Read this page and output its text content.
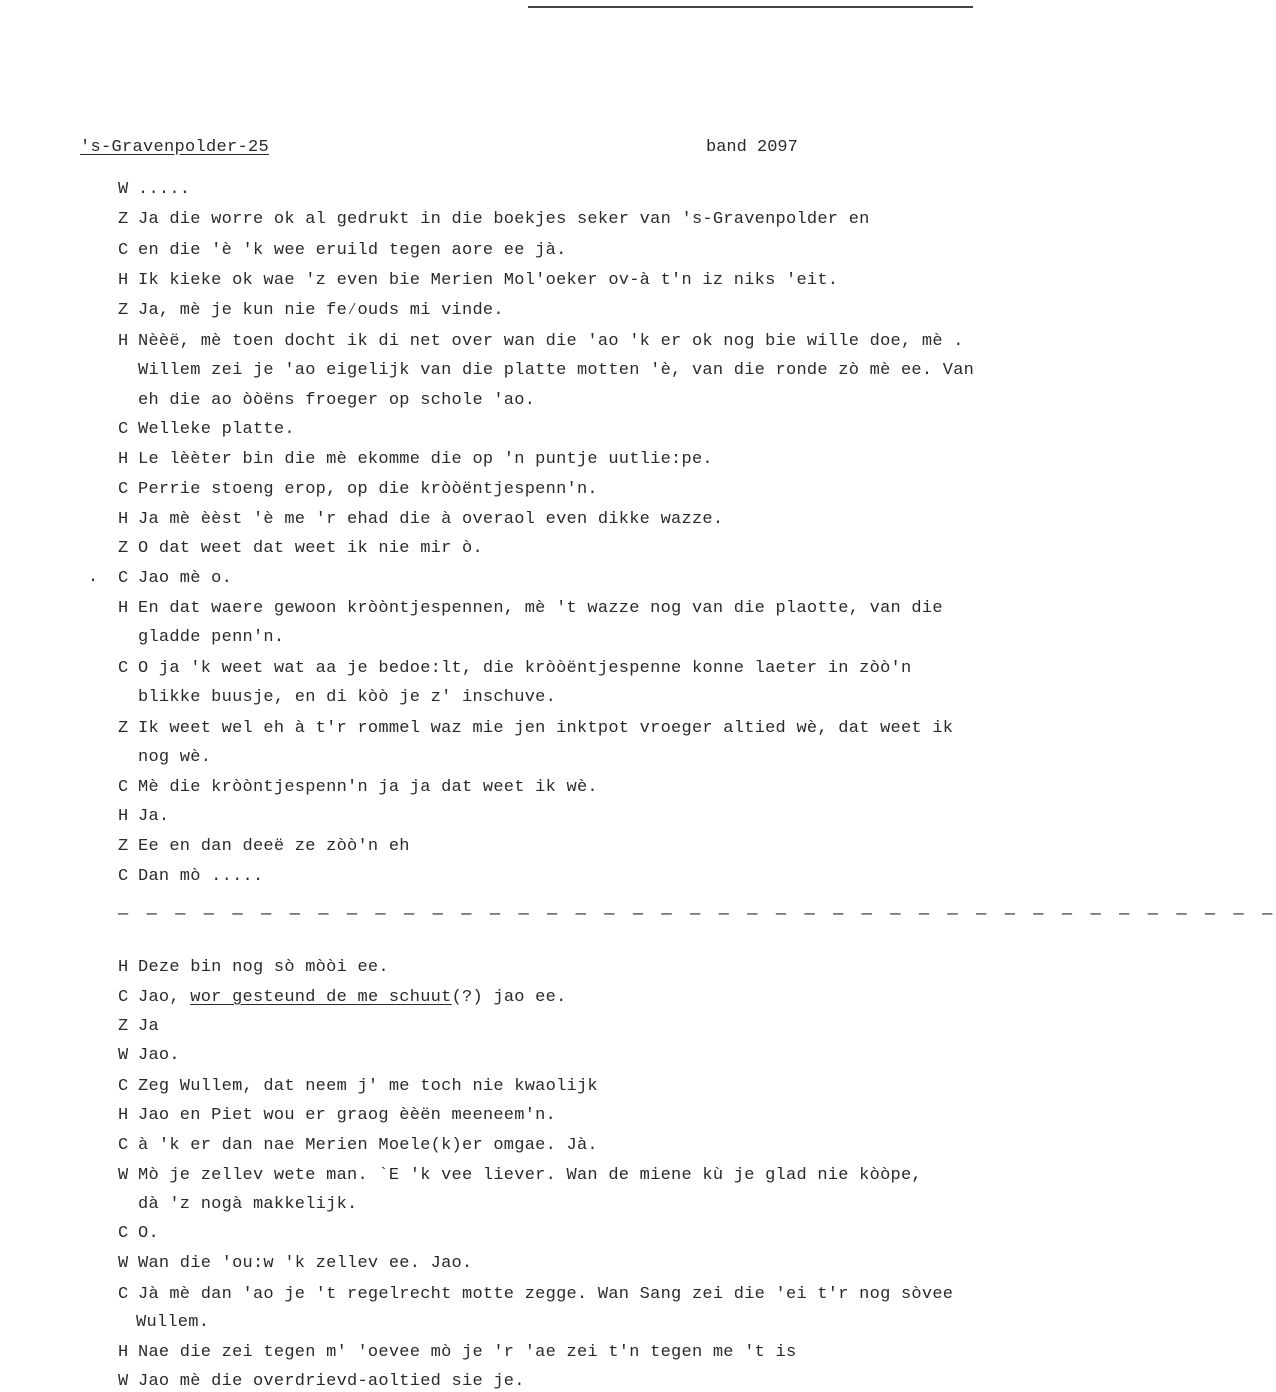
's-Gravenpolder-25	band 2097
W .....
Z Ja die worre ok al gedrukt in die boekjes seker van 's-Gravenpolder en
C en die 'è 'k wee eruild tegen aore ee jà.
H Ik kieke ok wae 'z even bie Merien Mol'oeker ov-à t'n iz niks 'eit.
Z Ja, mè je kun nie fe⁄ouds mi vinde.
H Nèèë, mè toen docht ik di net over wan die 'ao 'k er ok nog bie wille doe, mè .
Willem zei je 'ao eigelijk van die platte motten 'è, van die ronde zò mè ee. Van
eh die ao òòëns froeger op schole 'ao.
C Welleke platte.
H Le lèèter bin die mè ekomme die op 'n puntje uutlie:pe.
C Perrie stoeng erop, op die kròòëntjespenn'n.
H Ja mè èèst 'è me 'r ehad die à overaol even dikke wazze.
Z O dat weet dat weet ik nie mir ò.
. C Jao mè o.
H En dat waere gewoon kròòntjespennen, mè 't wazze nog van die plaotte, van die
gladde penn'n.
C O ja 'k weet wat aa je bedoe:lt, die kròòëntjespenne konne laeter in zòò'n
blikke buusje, en di kòò je z' inschuve.
Z Ik weet wel eh à t'r rommel waz mie jen inktpot vroeger altied wè, dat weet ik
nog wè.
C Mè die kròòntjespenn'n ja ja dat weet ik wè.
H Ja.
Z Ee en dan deeë ze zòò'n eh
C Dan mò .....
— — — — — — — — — — — — — — — — — — — — — — — — — — — — — — — — — — — — — — — — —
H Deze bin nog sò mòòi ee.
C Jao, wor gesteund de me schuut(?) jao ee.
Z Ja
W Jao.
C Zeg Wullem, dat neem j' me toch nie kwaolijk
H Jao en Piet wou er graog èèën meeneem'n.
C à 'k er dan nae Merien Moele(k)er omgae. Jà.
W Mò je zellev wete man. `E 'k vee liever. Wan de miene kù je glad nie kòòpe,
dà 'z nogà makkelijk.
C O.
W Wan die 'ou:w 'k zellev ee. Jao.
C Jà mè dan 'ao je 't regelrecht motte zegge. Wan Sang zei die 'ei t'r nog sòvee
Wullem.
H Nae die zei tegen m' 'oevee mò je 'r 'ae zei t'n tegen me 't is
W Jao mè die overdrievd-aoltied sie je.
